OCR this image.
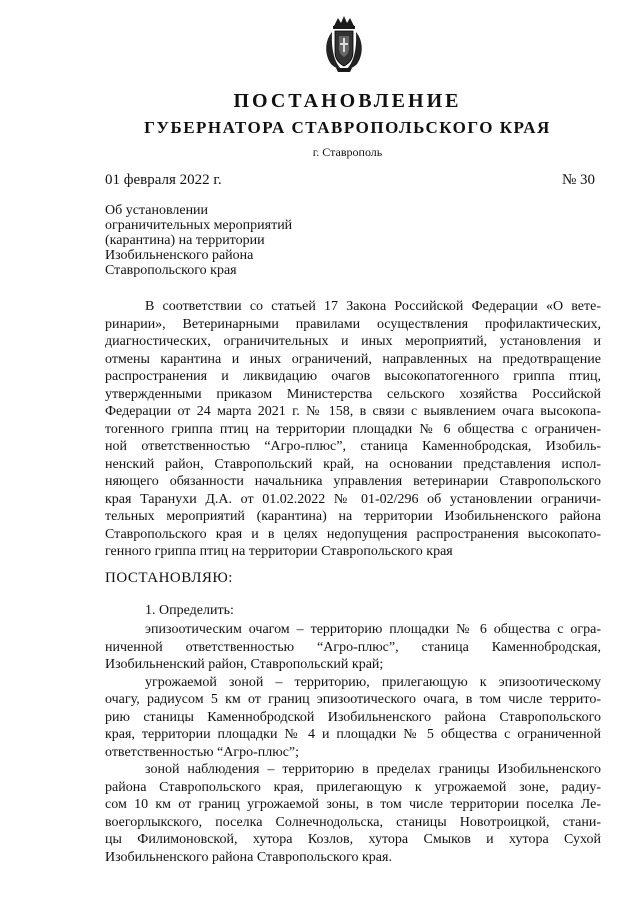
ПОСТАНОВЛЕНИЕ
ГУБЕРНАТОРА СТАВРОПОЛЬСКОГО КРАЯ
г. Ставрополь
01 февраля 2022 г.	№ 30
Об установлении
ограничительных мероприятий
(карантина) на территории
Изобильненского района
Ставропольского края
В соответствии со статьей 17 Закона Российской Федерации «О вете-
ринарии», Ветеринарными правилами осуществления профилактических,
диагностических, ограничительных и иных мероприятий, установления и
отмены карантина и иных ограничений, направленных на предотвращение
распространения и ликвидацию очагов высокопатогенного гриппа птиц,
утвержденными приказом Министерства сельского хозяйства Российской
Федерации от 24 марта 2021 г. № 158, в связи с выявлением очага высокопа-
тогенного гриппа птиц на территории площадки № 6 общества с ограничен-
ной ответственностью “Агро-плюс”, станица Каменнобродская, Изобиль-
ненский район, Ставропольский край, на основании представления испол-
няющего обязанности начальника управления ветеринарии Ставропольского
края Таранухи Д.А. от 01.02.2022 № 01-02/296 об установлении ограничи-
тельных мероприятий (карантина) на территории Изобильненского района
Ставропольского края и в целях недопущения распространения высокопато-
генного гриппа птиц на территории Ставропольского края
ПОСТАНОВЛЯЮ:
1. Определить:
эпизоотическим очагом – территорию площадки № 6 общества с огра-
ниченной ответственностью “Агро-плюс”, станица Каменнобродская,
Изобильненский район, Ставропольский край;
угрожаемой зоной – территорию, прилегающую к эпизоотическому
очагу, радиусом 5 км от границ эпизоотического очага, в том числе террито-
рию станицы Каменнобродской Изобильненского района Ставропольского
края, территории площадки № 4 и площадки № 5 общества с ограниченной
ответственностью “Агро-плюс”;
зоной наблюдения – территорию в пределах границы Изобильненского
района Ставропольского края, прилегающую к угрожаемой зоне, радиу-
сом 10 км от границ угрожаемой зоны, в том числе территории поселка Ле-
воегорлыкского, поселка Солнечнодольска, станицы Новотроицкой, стани-
цы Филимоновской, хутора Козлов, хутора Смыков и хутора Сухой
Изобильненского района Ставропольского края.
